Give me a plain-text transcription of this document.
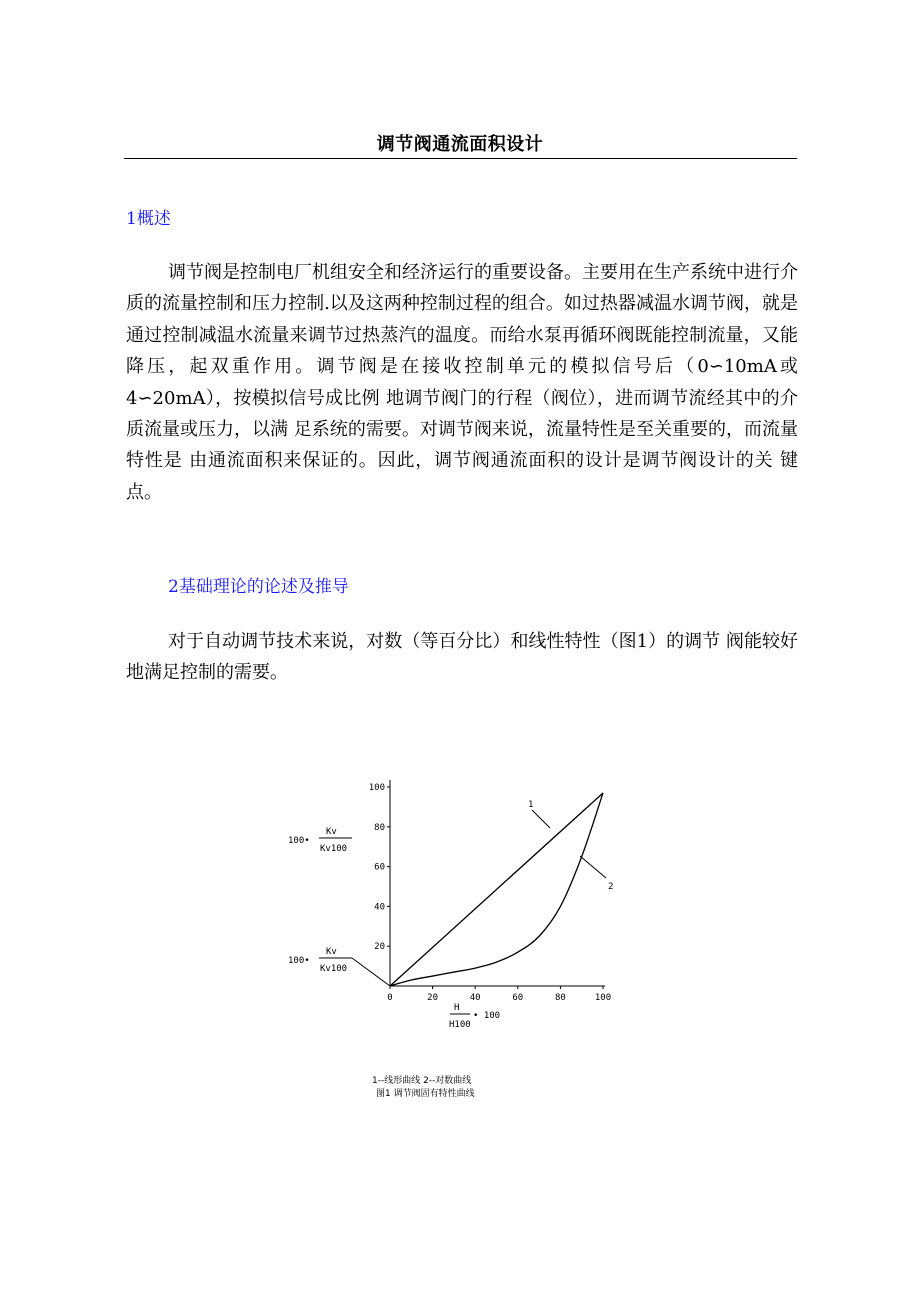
调节阀通流面积设计
1概述

调节阀是控制电厂机组安全和经济运行的重要设备。主要用在生产系统中进行介质的流量控制和压力控制.以及这两种控制过程的组合。如过热器减温水调节阀，就是通过控制减温水流量来调节过热蒸汽的温度。而给水泵再循环阀既能控制流量，又能降压，起双重作用。调节阀是在接收控制单元的模拟信号后（0∽10mA或4∽20mA），按模拟信号成比例 地调节阀门的行程（阀位），进而调节流经其中的介质流量或压力，以满 足系统的需要。对调节阀来说，流量特性是至关重要的，而流量特性是 由通流面积来保证的。因此，调节阀通流面积的设计是调节阀设计的关 键点。

2基础理论的论述及推导

对于自动调节技术来说，对数（等百分比）和线性特性（图1）的调节 阀能较好地满足控制的需要。

20
40
60
80
100
0	20	40	60	80	100
100•
Kv
Kv100
100•
Kv
Kv100
H
H100
• 100
1
2
1--线形曲线 2--对数曲线
图1 调节阀固有特性曲线
